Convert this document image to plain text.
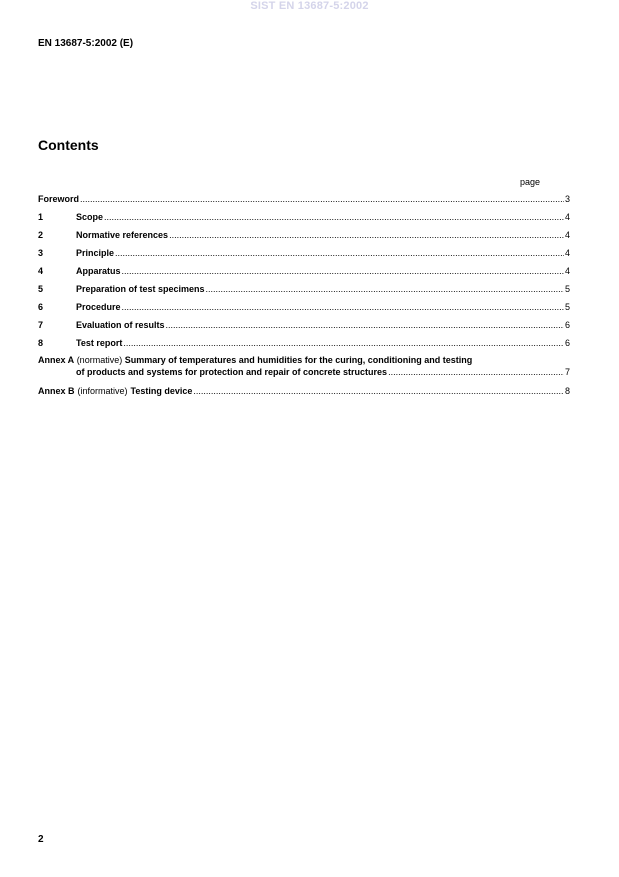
SIST EN 13687-5:2002
EN 13687-5:2002 (E)
Contents
page
Foreword .....	3
1	Scope .....	4
2	Normative references .....	4
3	Principle .....	4
4	Apparatus .....	4
5	Preparation of test specimens .....	5
6	Procedure .....	5
7	Evaluation of results .....	6
8	Test report .....	6
Annex A (normative) Summary of temperatures and humidities for the curing, conditioning and testing
of products and systems for protection and repair of concrete structures .....	7
Annex B (informative) Testing device .....	8
2
